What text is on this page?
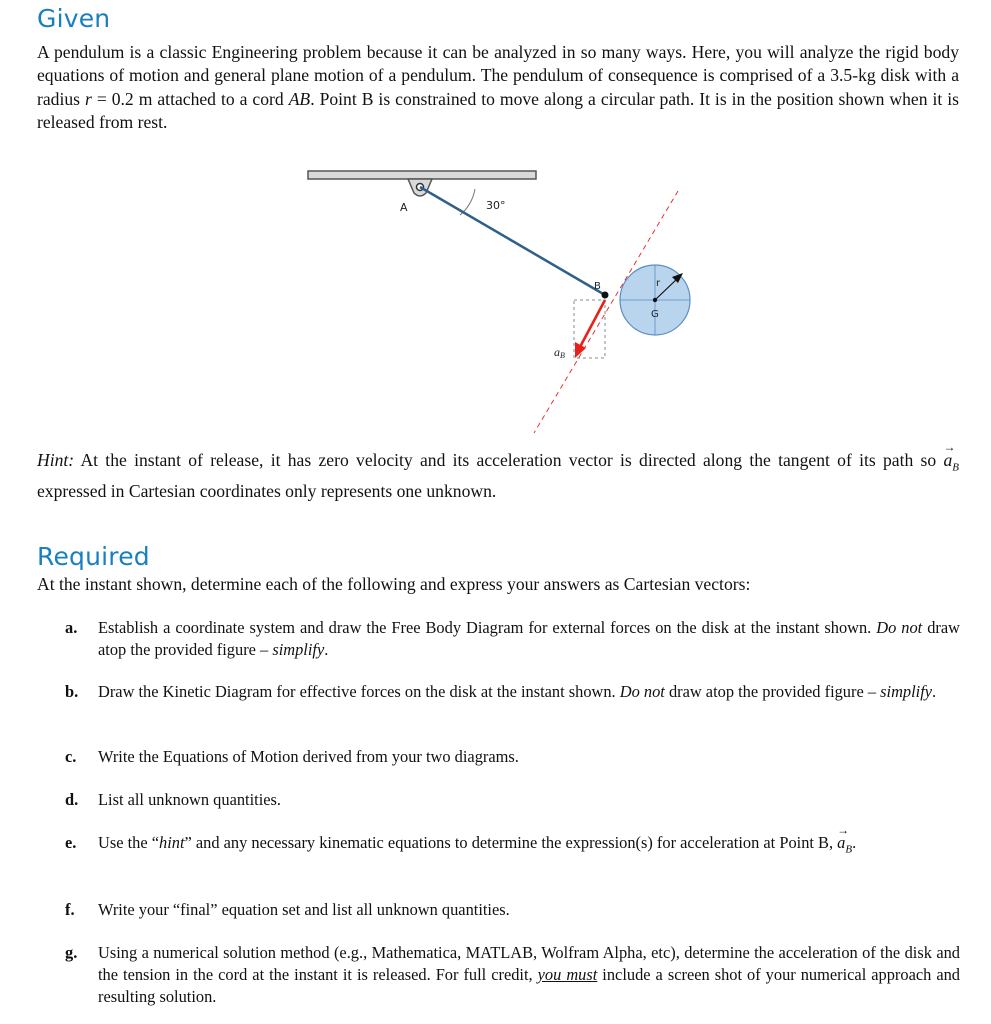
Given

A pendulum is a classic Engineering problem because it can be analyzed in so many ways. Here, you will analyze the rigid body equations of motion and general plane motion of a pendulum. The pendulum of consequence is comprised of a 3.5-kg disk with a radius r = 0.2 m attached to a cord AB. Point B is constrained to move along a circular path. It is in the position shown when it is released from rest.

A	30°
r
G
B
aB

Hint: At the instant of release, it has zero velocity and its acceleration vector is directed along the tangent of its path so → $a_B$ expressed in Cartesian coordinates only represents one unknown.

Required

At the instant shown, determine each of the following and express your answers as Cartesian vectors:

a.	Establish a coordinate system and draw the Free Body Diagram for external forces on the disk at the instant shown. Do not draw atop the provided figure – simplify.
b.	Draw the Kinetic Diagram for effective forces on the disk at the instant shown. Do not draw atop the provided figure – simplify.
c.	Write the Equations of Motion derived from your two diagrams.
d.	List all unknown quantities.
e.	Use the “hint” and any necessary kinematic equations to determine the expression(s) for acceleration at Point B, → $a_B$.
f.	Write your “final” equation set and list all unknown quantities.
g.	Using a numerical solution method (e.g., Mathematica, MATLAB, Wolfram Alpha, etc), determine the acceleration of the disk and the tension in the cord at the instant it is released. For full credit, you must include a screen shot of your numerical approach and resulting solution.
